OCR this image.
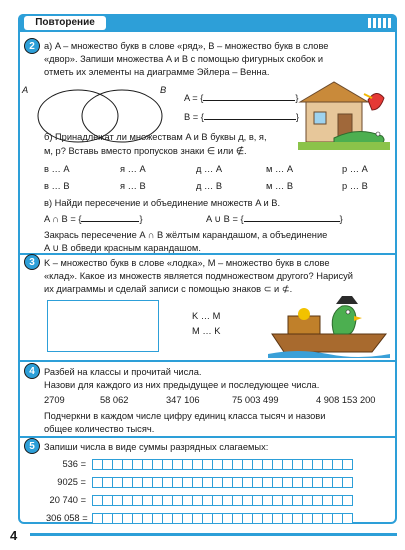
Повторение
2 а) A – множество букв в слове «ряд», B – множество букв в слове
«двор». Запиши множества A и B с помощью фигурных скобок и
отметь их элементы на диаграмме Эйлера – Венна.
A	B
A = {	}
B = {	}
б) Принадлежат ли множествам A и B буквы д, в, я,
м, р? Вставь вместо пропусков знаки ∈ или ∉.
в … A	я … A	д … A	м … A	р … A
в … B	я … B	д … B	м … B	р … B
в) Найди пересечение и объединение множеств A и B.
A ∩ B = {	}	A ∪ B = {	}
Закрась пересечение A ∩ B жёлтым карандашом, а объединение
A ∪ B обведи красным карандашом.
3 K – множество букв в слове «лодка», M – множество букв в слове
«клад». Какое из множеств является подмножеством другого? Нарисуй
их диаграммы и сделай записи с помощью знаков ⊂ и ⊄.
K … M
M … K
4 Разбей на классы и прочитай числа.
Назови для каждого из них предыдущее и последующее числа.
2709	58 062	347 106	75 003 499	4 908 153 200
Подчеркни в каждом числе цифру единиц класса тысяч и назови
общее количество тысяч.
5 Запиши числа в виде суммы разрядных слагаемых:
536 =
9025 =
20 740 =
306 058 =
4
